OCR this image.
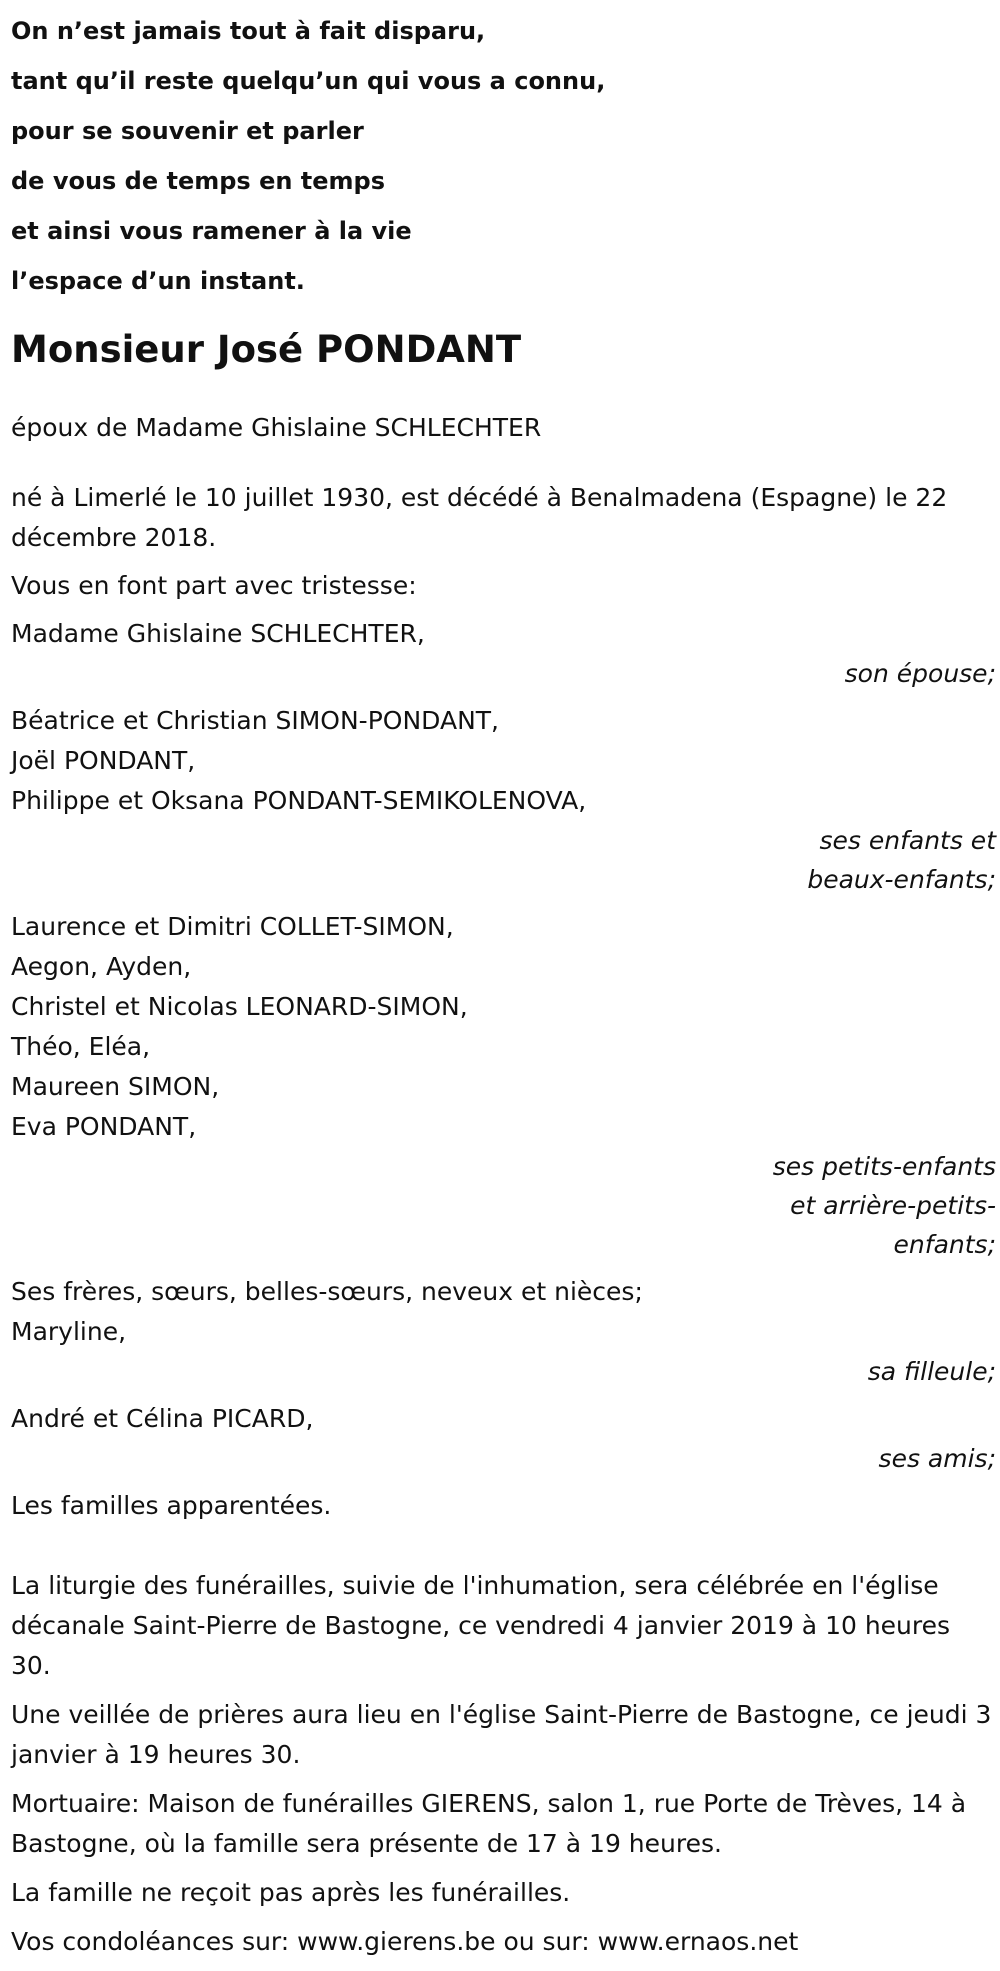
On n’est jamais tout à fait disparu,
tant qu’il reste quelqu’un qui vous a connu,
pour se souvenir et parler
de vous de temps en temps
et ainsi vous ramener à la vie
l’espace d’un instant.
Monsieur José PONDANT
époux de Madame Ghislaine SCHLECHTER
né à Limerlé le 10 juillet 1930, est décédé à Benalmadena (Espagne) le 22 décembre 2018.
Vous en font part avec tristesse:
Madame Ghislaine SCHLECHTER,
son épouse;
Béatrice et Christian SIMON-PONDANT,
Joël PONDANT,
Philippe et Oksana PONDANT-SEMIKOLENOVA,
ses enfants et beaux-enfants;
Laurence et Dimitri COLLET-SIMON,
Aegon, Ayden,
Christel et Nicolas LEONARD-SIMON,
Théo, Eléa,
Maureen SIMON,
Eva PONDANT,
ses petits-enfants et arrière-petits-enfants;
Ses frères, sœurs, belles-sœurs, neveux et nièces;
Maryline,
sa filleule;
André et Célina PICARD,
ses amis;
Les familles apparentées.
La liturgie des funérailles, suivie de l'inhumation, sera célébrée en l'église décanale Saint-Pierre de Bastogne, ce vendredi 4 janvier 2019 à 10 heures 30.
Une veillée de prières aura lieu en l'église Saint-Pierre de Bastogne, ce jeudi 3 janvier à 19 heures 30.
Mortuaire: Maison de funérailles GIERENS, salon 1, rue Porte de Trèves, 14 à Bastogne, où la famille sera présente de 17 à 19 heures.
La famille ne reçoit pas après les funérailles.
Vos condoléances sur: www.gierens.be ou sur: www.ernaos.net
